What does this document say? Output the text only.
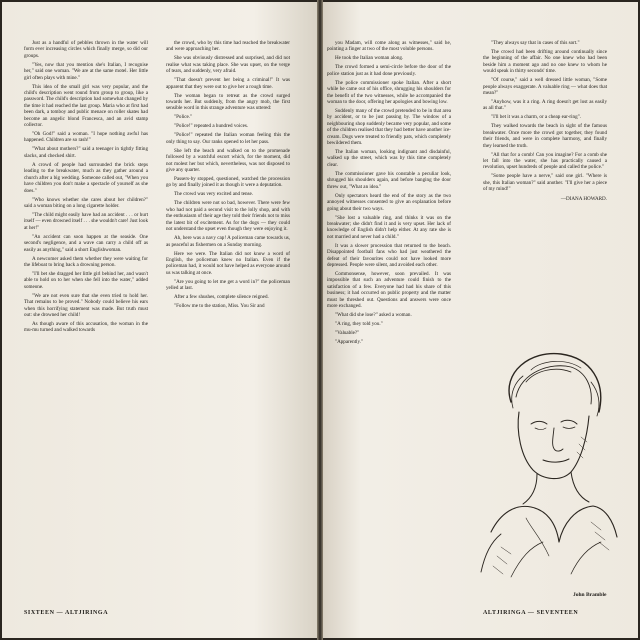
Just as a handful of pebbles thrown in the water will form ever increasing circles which finally merge, so did our groups.

"Yes, now that you mention she's Italian, I recognise her," said one woman. "We are at the same motel. Her little girl often plays with mine."

This idea of the small girl was very popular, and the child's description went round from group to group, like a password. The child's description had somewhat changed by the time it had reached the last group. Maria who at first had been dark, a tomboy and public menace on roller skates had become an angelic blond Francesca, and an avid stamp collector.

"Oh God!" said a woman. "I hope nothing awful has happened. Children are so rash!"

"What about mothers?" said a teenager in tightly fitting slacks, and checked shirt.

A crowd of people had surrounded the brick steps leading to the breakwater, much as they gather around a church after a big wedding. Someone called out, "When you have children you don't make a spectacle of yourself as she does."

"Who knows whether she cares about her children?" said a woman biting on a long cigarette holder.

"The child might easily have had an accident . . . or hurt itself — even drowned itself . . . she wouldn't care! Just look at her!"

"An accident can soon happen at the seaside. One second's negligence, and a wave can carry a child off as easily as anything," said a short Englishwoman.

A newcomer asked them whether they were waiting for the lifeboat to bring back a drowning person.

"I'll bet she dragged her little girl behind her, and wasn't able to hold on to her when she fell into the water," added someone.

"We are not even sure that she even tried to hold her. That remains to be proved." Nobody could believe his ears when this horrifying statement was made. But truth must out: she drowned her child!

As though aware of this accusation, the woman in the mu-mu turned and walked towards

the crowd, who by this time had reached the breakwater and were approaching her.

She was obviously distressed and surprised, and did not realise what was taking place. She was upset, on the verge of tears, and suddenly, very afraid.

"That doesn't prevent her being a criminal!" It was apparent that they were out to give her a rough time.

The woman began to retreat as the crowd surged towards her. But suddenly, from the angry mob, the first sensible word in this strange adventure was uttered:

"Police."

"Police!" repeated a hundred voices.

"Police!" repeated the Italian woman feeling this the only thing to say. Our ranks opened to let her pass.

She left the beach and walked on to the promenade followed by a watchful escort which, for the moment, did not molest her but which, nevertheless, was not disposed to give any quarter.

Passers-by stopped, questioned, watched the procession go by and finally joined it as though it were a deputation.

The crowd was very excited and tense.

The children were not so bad, however. There were few who had not paid a second visit to the lolly shop, and with the enthusiasm of their age they told their friends not to miss the latest bit of excitement. As for the dogs — they could not understand the upset even though they were enjoying it.

Ah, here was a navy cap! A policeman came towards us, as peaceful as fishermen on a Sunday morning.

Here we were. The Italian did not know a word of English, the policeman knew no Italian. Even if the policeman had, it would not have helped as everyone around us was talking at once.

"Are you going to let me get a word in?" the policeman yelled at last.

After a few shushes, complete silence reigned.

"Follow me to the station, Miss. You Sir and

SIXTEEN — ALTJIRINGA

you Madam, will come along as witnesses," said he, pointing a finger at two of the most voluble persons.

He took the Italian woman along.

The crowd formed a semi-circle before the door of the police station just as it had done previously.

The police commissioner spoke Italian. After a short while he came out of his office, shrugging his shoulders for the benefit of the two witnesses, while he accompanied the woman to the door, offering her apologies and bowing low.

Suddenly many of the crowd pretended to be in that area by accident, or to be just passing by. The window of a neighbouring shop suddenly became very popular, and some of the children realised that they had better have another ice-cream. Dogs were treated to friendly pats, which completely bewildered them.

The Italian woman, looking indignant and disdainful, walked up the street, which was by this time completely clear.

The commissioner gave his constable a peculiar look, shrugged his shoulders again, and before banging the door threw out, "What an idea."

Only spectators heard the end of the story as the two annoyed witnesses consented to give an explanation before going about their two ways.

"She lost a valuable ring, and thinks it was on the breakwater; she didn't find it and is very upset. Her lack of knowledge of English didn't help either. At any rate she is not married and never had a child."

It was a slower procession that returned to the beach. Disappointed football fans who had just weathered the defeat of their favourites could not have looked more depressed. People were silent, and avoided each other.

Commonsense, however, soon prevailed. It was impossible that such an adventure could finish to the satisfaction of a few. Everyone had had his share of this business; it had occurred on public property and the matter must be threshed out. Questions and answers were once more exchanged.

"What did she lose?" asked a woman.

"A ring, they told you."

"Valuable?"

"Apparently."

"They always say that in cases of this sort."

The crowd had been drifting around continually since the beginning of the affair. No one knew who had been beside him a moment ago and no one knew to whom he would speak in thirty seconds' time.

"Of course," said a well dressed little woman, "Some people always exaggerate. A valuable ring — what does that mean?"

"Anyhow, was it a ring. A ring doesn't get lost as easily as all that."

"I'll bet it was a charm, or a cheap ear-ring".

They walked towards the beach in sight of the famous breakwater. Once more the crowd got together, they found their friends, and were in complete harmony, and finally they learned the truth.

"All that for a comb! Can you imagine? For a comb she let fall into the water, she has practically caused a revolution, upset hundreds of people and called the police."

"Some people have a nerve," said one girl. "Where is she, this Italian woman?" said another. "I'll give her a piece of my mind!"

—DIANA HOWARD.

John Bramble
ALTJIRINGA — SEVENTEEN
